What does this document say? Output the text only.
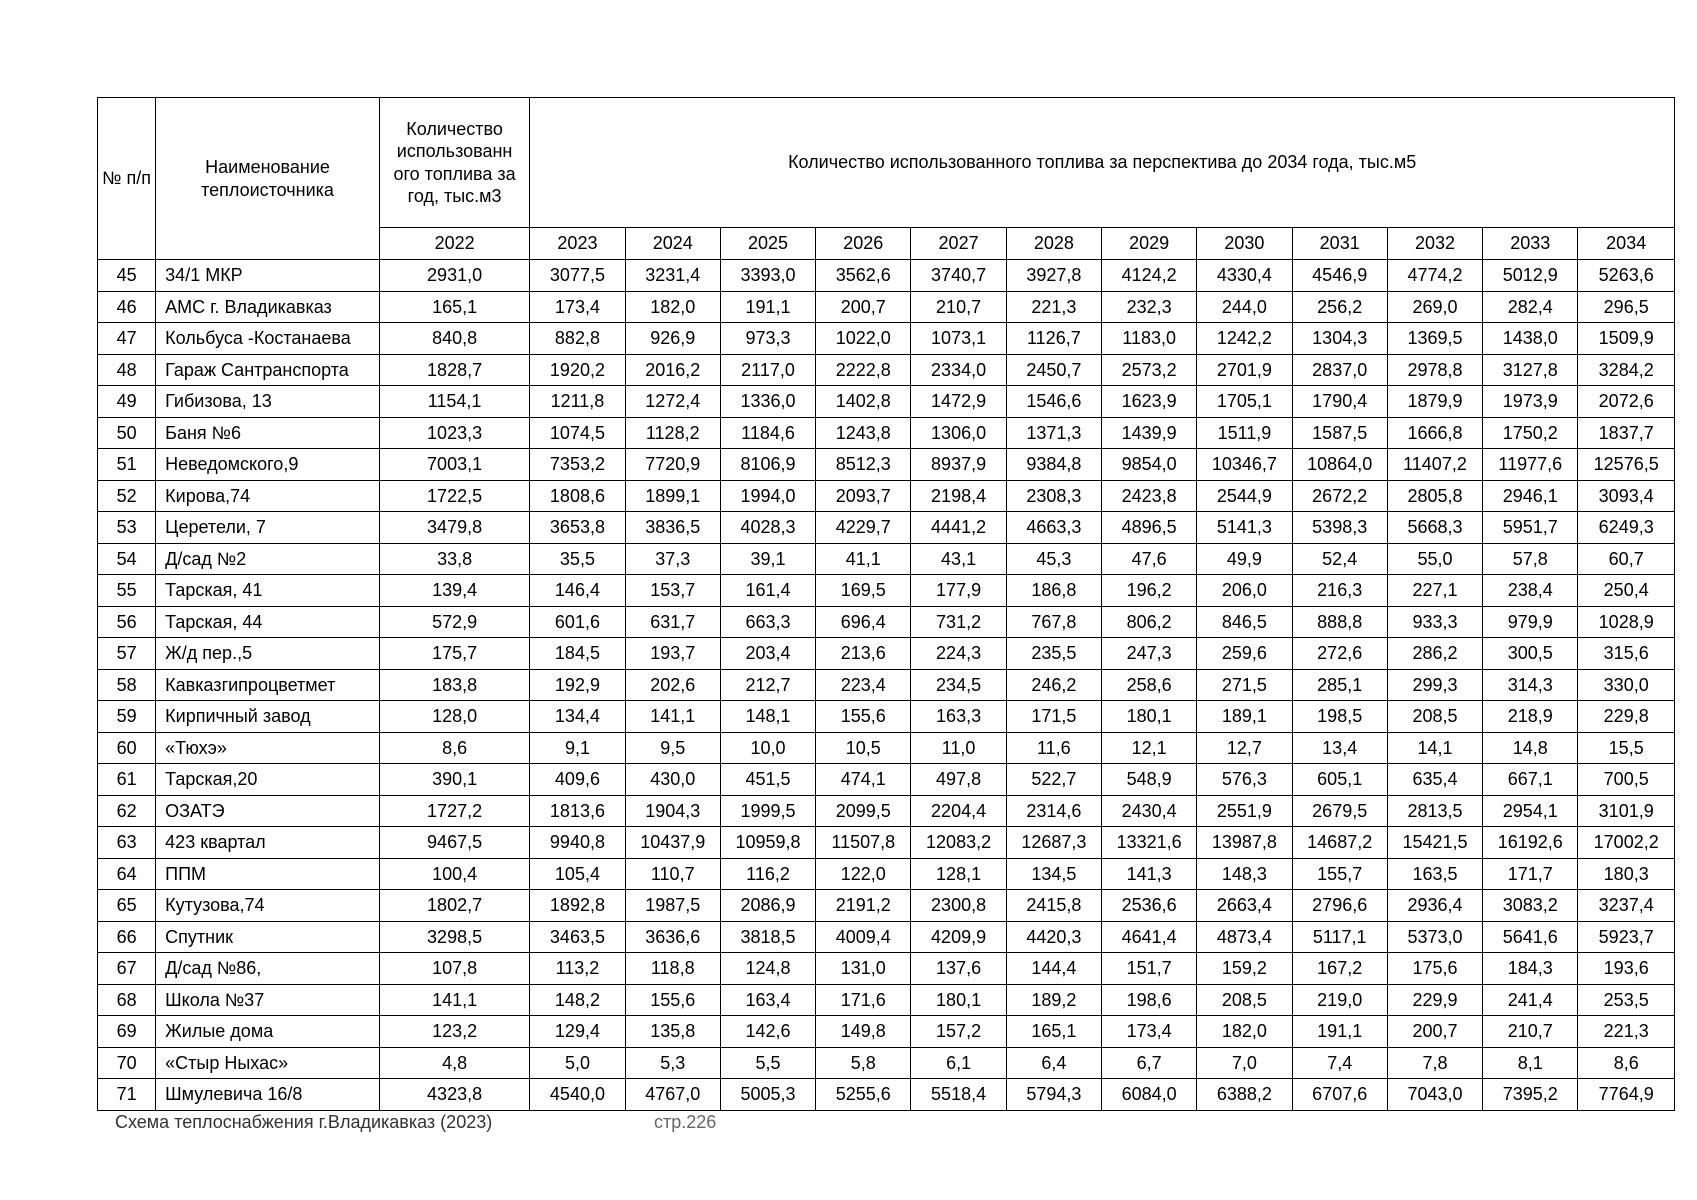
№ п/п	Наименование теплоисточника	Количество использованн ого топлива за год, тыс.м3	Количество использованного топлива за перспектива до 2034 года, тыс.м5											
		2022	2023	2024	2025	2026	2027	2028	2029	2030	2031	2032	2033	2034
45	34/1 МКР	2931,0	3077,5	3231,4	3393,0	3562,6	3740,7	3927,8	4124,2	4330,4	4546,9	4774,2	5012,9	5263,6
46	АМС г. Владикавказ	165,1	173,4	182,0	191,1	200,7	210,7	221,3	232,3	244,0	256,2	269,0	282,4	296,5
47	Кольбуса -Костанаева	840,8	882,8	926,9	973,3	1022,0	1073,1	1126,7	1183,0	1242,2	1304,3	1369,5	1438,0	1509,9
48	Гараж Сантранспорта	1828,7	1920,2	2016,2	2117,0	2222,8	2334,0	2450,7	2573,2	2701,9	2837,0	2978,8	3127,8	3284,2
49	Гибизова, 13	1154,1	1211,8	1272,4	1336,0	1402,8	1472,9	1546,6	1623,9	1705,1	1790,4	1879,9	1973,9	2072,6
50	Баня №6	1023,3	1074,5	1128,2	1184,6	1243,8	1306,0	1371,3	1439,9	1511,9	1587,5	1666,8	1750,2	1837,7
51	Неведомского,9	7003,1	7353,2	7720,9	8106,9	8512,3	8937,9	9384,8	9854,0	10346,7	10864,0	11407,2	11977,6	12576,5
52	Кирова,74	1722,5	1808,6	1899,1	1994,0	2093,7	2198,4	2308,3	2423,8	2544,9	2672,2	2805,8	2946,1	3093,4
53	Церетели, 7	3479,8	3653,8	3836,5	4028,3	4229,7	4441,2	4663,3	4896,5	5141,3	5398,3	5668,3	5951,7	6249,3
54	Д/сад №2	33,8	35,5	37,3	39,1	41,1	43,1	45,3	47,6	49,9	52,4	55,0	57,8	60,7
55	Тарская, 41	139,4	146,4	153,7	161,4	169,5	177,9	186,8	196,2	206,0	216,3	227,1	238,4	250,4
56	Тарская, 44	572,9	601,6	631,7	663,3	696,4	731,2	767,8	806,2	846,5	888,8	933,3	979,9	1028,9
57	Ж/д пер.,5	175,7	184,5	193,7	203,4	213,6	224,3	235,5	247,3	259,6	272,6	286,2	300,5	315,6
58	Кавказгипроцветмет	183,8	192,9	202,6	212,7	223,4	234,5	246,2	258,6	271,5	285,1	299,3	314,3	330,0
59	Кирпичный завод	128,0	134,4	141,1	148,1	155,6	163,3	171,5	180,1	189,1	198,5	208,5	218,9	229,8
60	«Тюхэ»	8,6	9,1	9,5	10,0	10,5	11,0	11,6	12,1	12,7	13,4	14,1	14,8	15,5
61	Тарская,20	390,1	409,6	430,0	451,5	474,1	497,8	522,7	548,9	576,3	605,1	635,4	667,1	700,5
62	ОЗАТЭ	1727,2	1813,6	1904,3	1999,5	2099,5	2204,4	2314,6	2430,4	2551,9	2679,5	2813,5	2954,1	3101,9
63	423 квартал	9467,5	9940,8	10437,9	10959,8	11507,8	12083,2	12687,3	13321,6	13987,8	14687,2	15421,5	16192,6	17002,2
64	ППМ	100,4	105,4	110,7	116,2	122,0	128,1	134,5	141,3	148,3	155,7	163,5	171,7	180,3
65	Кутузова,74	1802,7	1892,8	1987,5	2086,9	2191,2	2300,8	2415,8	2536,6	2663,4	2796,6	2936,4	3083,2	3237,4
66	Спутник	3298,5	3463,5	3636,6	3818,5	4009,4	4209,9	4420,3	4641,4	4873,4	5117,1	5373,0	5641,6	5923,7
67	Д/сад №86,	107,8	113,2	118,8	124,8	131,0	137,6	144,4	151,7	159,2	167,2	175,6	184,3	193,6
68	Школа №37	141,1	148,2	155,6	163,4	171,6	180,1	189,2	198,6	208,5	219,0	229,9	241,4	253,5
69	Жилые дома	123,2	129,4	135,8	142,6	149,8	157,2	165,1	173,4	182,0	191,1	200,7	210,7	221,3
70	«Стыр Ныхас»	4,8	5,0	5,3	5,5	5,8	6,1	6,4	6,7	7,0	7,4	7,8	8,1	8,6
71	Шмулевича 16/8	4323,8	4540,0	4767,0	5005,3	5255,6	5518,4	5794,3	6084,0	6388,2	6707,6	7043,0	7395,2	7764,9
Схема теплоснабжения г.Владикавказ (2023)	стр.226
